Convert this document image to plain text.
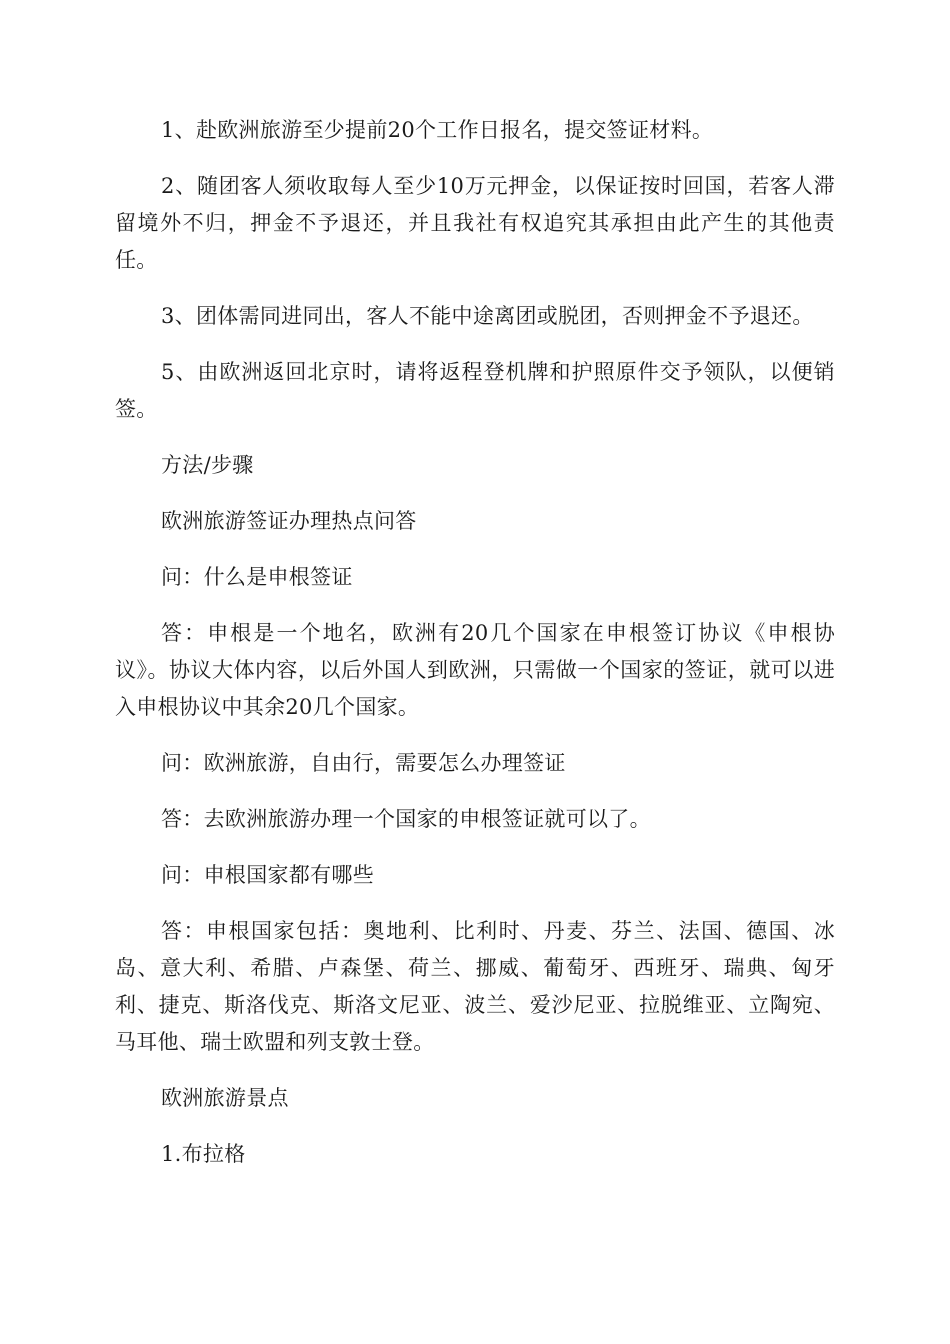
1、赴欧洲旅游至少提前20个工作日报名，提交签证材料。

2、随团客人须收取每人至少10万元押金，以保证按时回国，若客人滞留境外不归，押金不予退还，并且我社有权追究其承担由此产生的其他责任。

3、团体需同进同出，客人不能中途离团或脱团，否则押金不予退还。

5、由欧洲返回北京时，请将返程登机牌和护照原件交予领队，以便销签。

方法/步骤

欧洲旅游签证办理热点问答

问：什么是申根签证

答：申根是一个地名，欧洲有20几个国家在申根签订协议《申根协议》。协议大体内容，以后外国人到欧洲，只需做一个国家的签证，就可以进入申根协议中其余20几个国家。

问：欧洲旅游，自由行，需要怎么办理签证

答：去欧洲旅游办理一个国家的申根签证就可以了。

问：申根国家都有哪些

答：申根国家包括：奥地利、比利时、丹麦、芬兰、法国、德国、冰岛、意大利、希腊、卢森堡、荷兰、挪威、葡萄牙、西班牙、瑞典、匈牙利、捷克、斯洛伐克、斯洛文尼亚、波兰、爱沙尼亚、拉脱维亚、立陶宛、马耳他、瑞士欧盟和列支敦士登。

欧洲旅游景点

1.布拉格
